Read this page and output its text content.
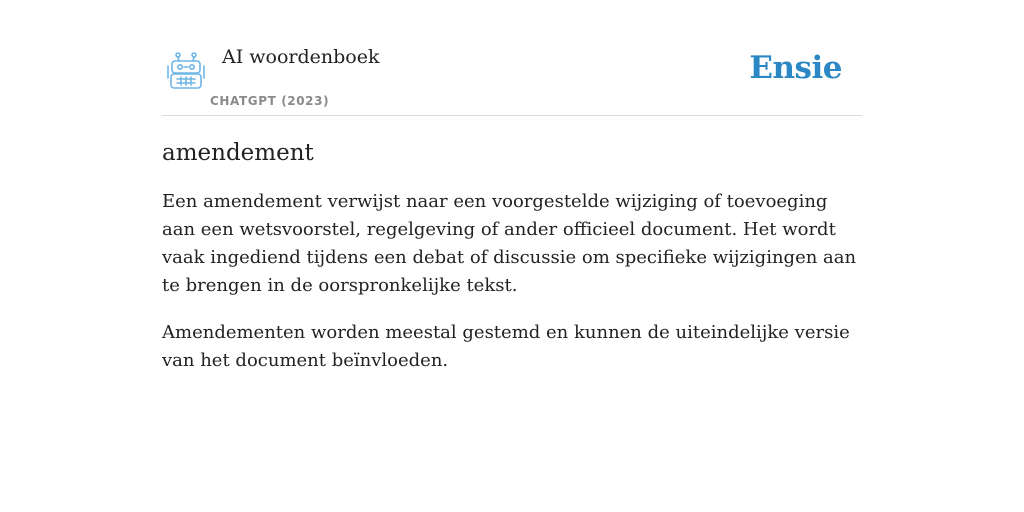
AI woordenboek
CHATGPT (2023)
Ensie
amendement

Een amendement verwijst naar een voorgestelde wijziging of toevoeging aan een wetsvoorstel, regelgeving of ander officieel document. Het wordt vaak ingediend tijdens een debat of discussie om specifieke wijzigingen aan te brengen in de oorspronkelijke tekst.

Amendementen worden meestal gestemd en kunnen de uiteindelijke versie van het document beïnvloeden.
